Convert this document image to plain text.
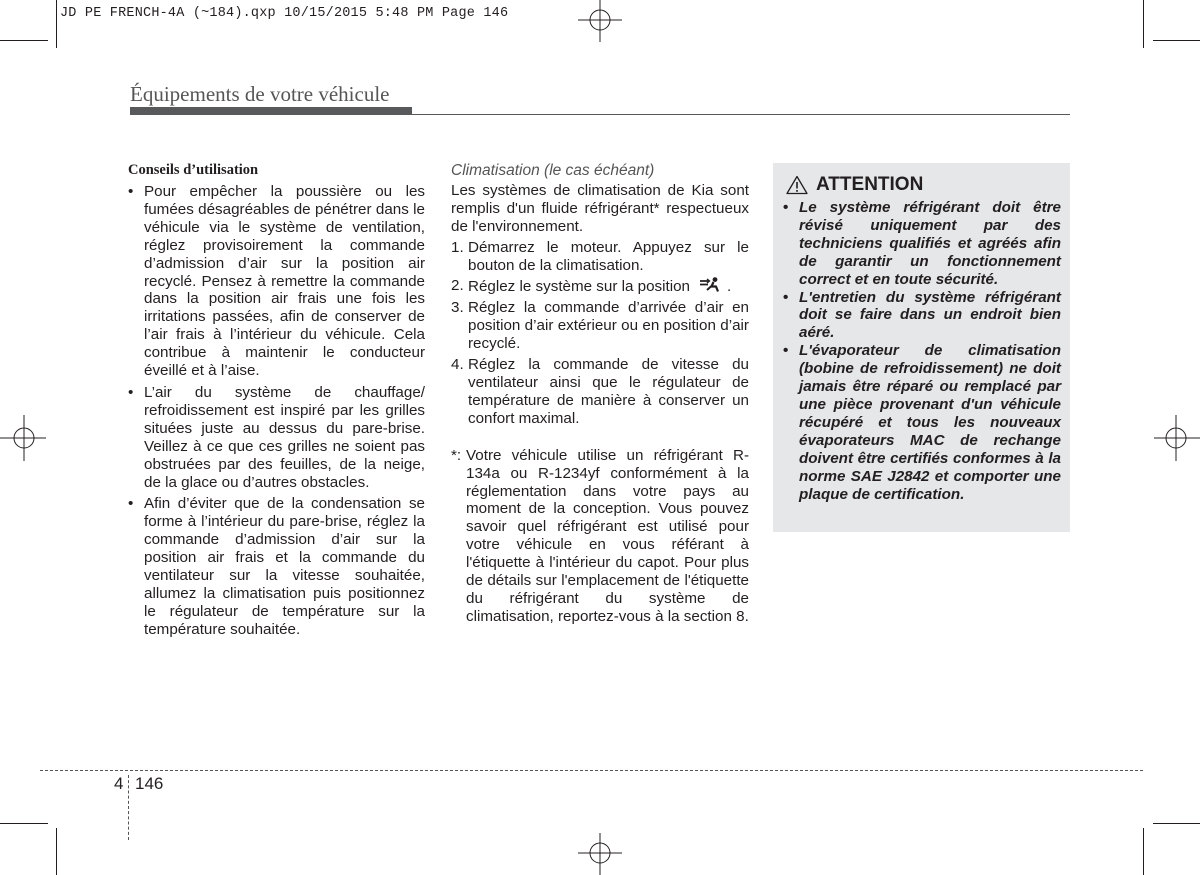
JD PE FRENCH-4A (~184).qxp 10/15/2015 5:48 PM Page 146
Équipements de votre véhicule
Conseils d’utilisation
• Pour empêcher la poussière ou les fumées désagréables de pénétrer dans le véhicule via le système de ventilation, réglez provisoirement la commande d’admission d’air sur la position air recyclé. Pensez à remettre la commande dans la position air frais une fois les irritations passées, afin de conserver de l’air frais à l’intérieur du véhicule. Cela contribue à maintenir le conducteur éveillé et à l’aise.
• L’air du système de chauffage/ refroidissement est inspiré par les grilles situées juste au dessus du pare-brise. Veillez à ce que ces grilles ne soient pas obstruées par des feuilles, de la neige, de la glace ou d’autres obstacles.
• Afin d’éviter que de la condensation se forme à l’intérieur du pare-brise, réglez la commande d’admission d’air sur la position air frais et la commande du ventilateur sur la vitesse souhaitée, allumez la climatisation puis positionnez le régulateur de température sur la température souhaitée.
Climatisation (le cas échéant)

Les systèmes de climatisation de Kia sont remplis d'un fluide réfrigérant* respectueux de l'environnement.

1. Démarrez le moteur. Appuyez sur le bouton de la climatisation.
2. Réglez le système sur la position .
3. Réglez la commande d’arrivée d’air en position d’air extérieur ou en position d’air recyclé.
4. Réglez la commande de vitesse du ventilateur ainsi que le régulateur de température de manière à conserver un confort maximal.
*: Votre véhicule utilise un réfrigérant R-134a ou R-1234yf conformément à la réglementation dans votre pays au moment de la conception. Vous pouvez savoir quel réfrigérant est utilisé pour votre véhicule en vous référant à l'étiquette à l'intérieur du capot. Pour plus de détails sur l'emplacement de l'étiquette du réfrigérant du système de climatisation, reportez-vous à la section 8.
ATTENTION
• Le système réfrigérant doit être révisé uniquement par des techniciens qualifiés et agréés afin de garantir un fonctionnement correct et en toute sécurité.
• L'entretien du système réfrigérant doit se faire dans un endroit bien aéré.
• L'évaporateur de climatisation (bobine de refroidissement) ne doit jamais être réparé ou remplacé par une pièce provenant d'un véhicule récupéré et tous les nouveaux évaporateurs MAC de rechange doivent être certifiés conformes à la norme SAE J2842 et comporter une plaque de certification.
4 146
